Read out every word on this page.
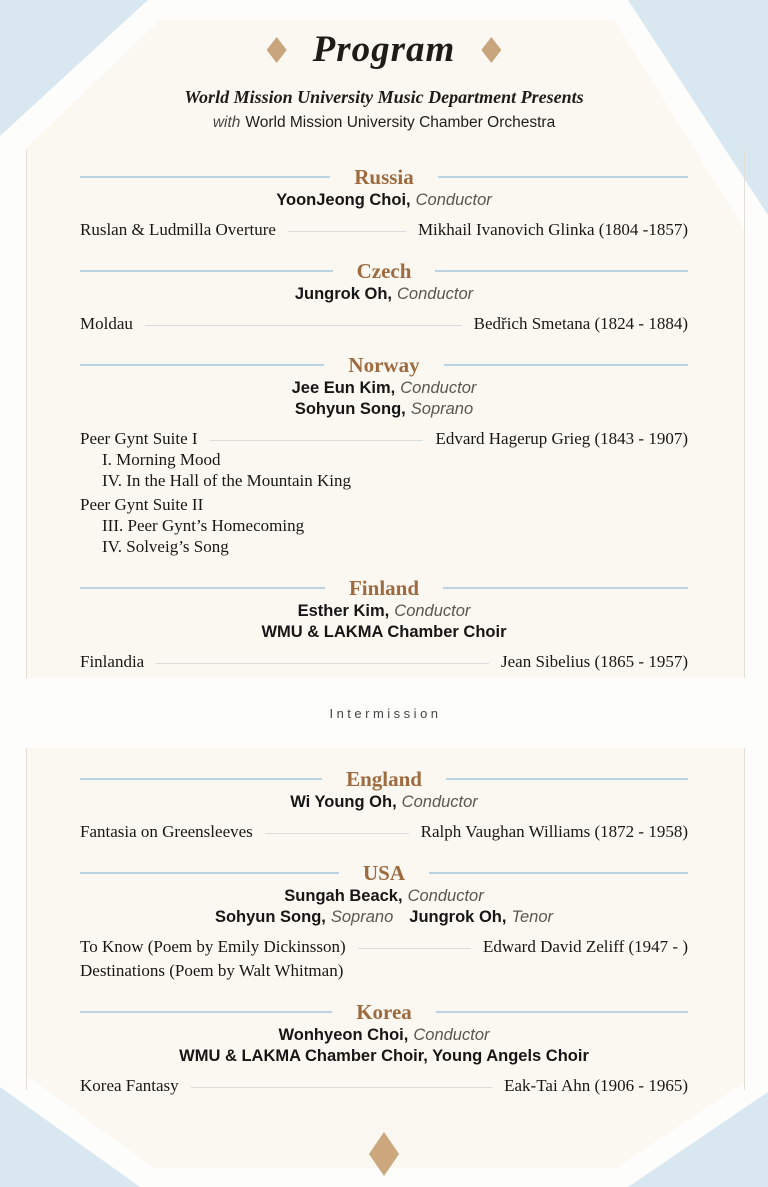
Program
World Mission University Music Department Presents
with World Mission University Chamber Orchestra
Russia
YoonJeong Choi, Conductor
Ruslan & Ludmilla Overture	Mikhail Ivanovich Glinka (1804 -1857)
Czech
Jungrok Oh, Conductor
Moldau	Bedřich Smetana (1824 - 1884)
Norway
Jee Eun Kim, Conductor
Sohyun Song, Soprano
Peer Gynt Suite I	Edvard Hagerup Grieg (1843 - 1907)
I. Morning Mood
IV. In the Hall of the Mountain King
Peer Gynt Suite II
III. Peer Gynt’s Homecoming
IV. Solveig’s Song
Finland
Esther Kim, Conductor
WMU & LAKMA Chamber Choir
Finlandia	Jean Sibelius (1865 - 1957)
Intermission
England
Wi Young Oh, Conductor
Fantasia on Greensleeves	Ralph Vaughan Williams (1872 - 1958)
USA
Sungah Beack, Conductor
Sohyun Song, Soprano Jungrok Oh, Tenor
To Know (Poem by Emily Dickinsson)	Edward David Zeliff (1947 - )
Destinations (Poem by Walt Whitman)
Korea
Wonhyeon Choi, Conductor
WMU & LAKMA Chamber Choir, Young Angels Choir
Korea Fantasy	Eak-Tai Ahn (1906 - 1965)
